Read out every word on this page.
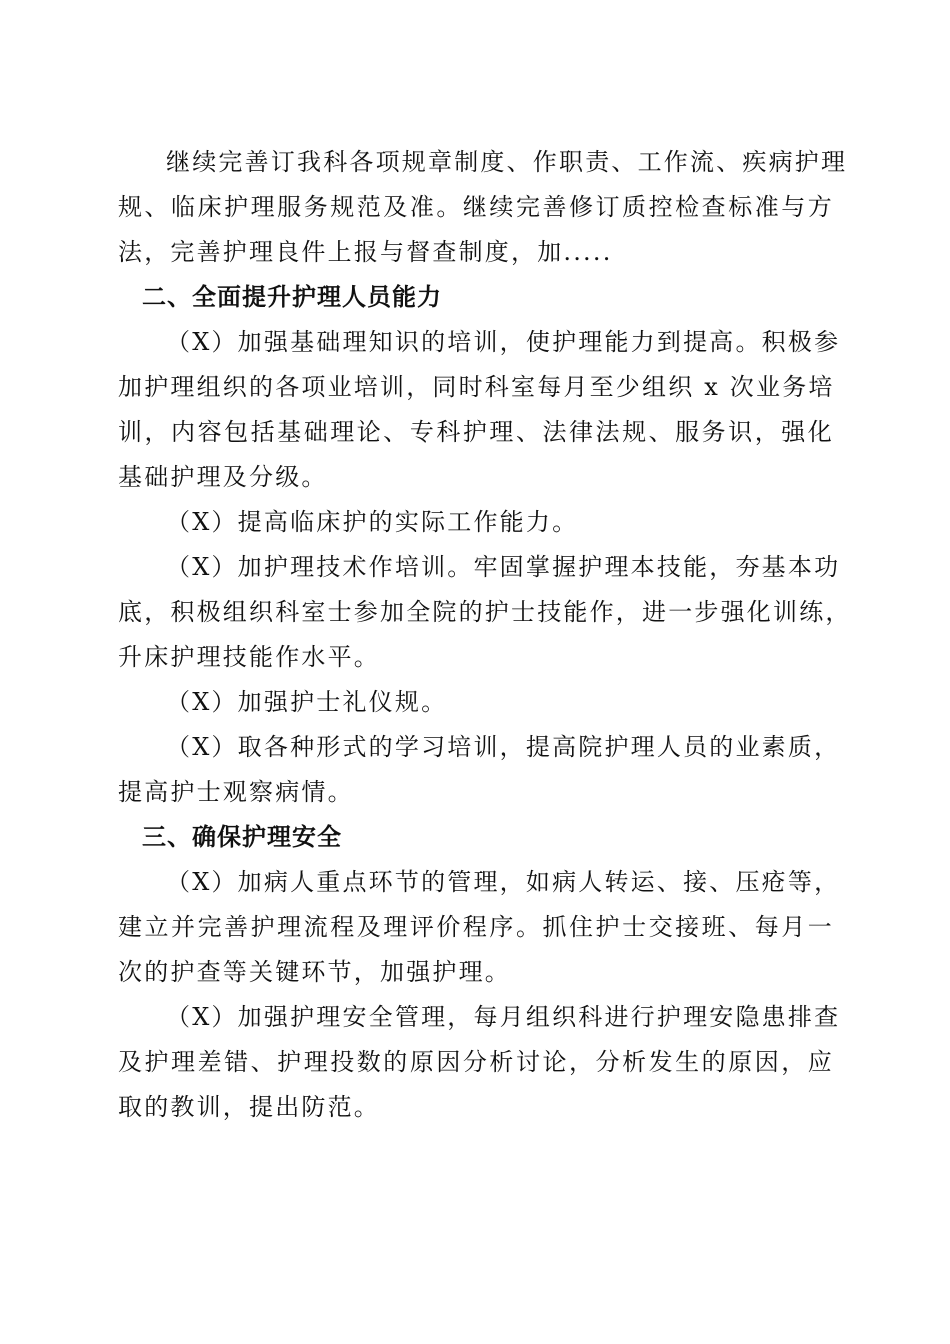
继续完善订我科各项规章制度、作职责、工作流、疾病护理
规、临床护理服务规范及准。继续完善修订质控检查标准与方
法，完善护理良件上报与督查制度，加.....
二、全面提升护理人员能力
（X）加强基础理知识的培训，使护理能力到提高。积极参
加护理组织的各项业培训，同时科室每月至少组织 x 次业务培
训，内容包括基础理论、专科护理、法律法规、服务识，强化
基础护理及分级。
（X）提高临床护的实际工作能力。
（X）加护理技术作培训。牢固掌握护理本技能，夯基本功
底，积极组织科室士参加全院的护士技能作，进一步强化训练，
升床护理技能作水平。
（X）加强护士礼仪规。
（X）取各种形式的学习培训，提高院护理人员的业素质，
提高护士观察病情。
三、确保护理安全
（X）加病人重点环节的管理，如病人转运、接、压疮等，
建立并完善护理流程及理评价程序。抓住护士交接班、每月一
次的护查等关键环节，加强护理。
（X）加强护理安全管理，每月组织科进行护理安隐患排查
及护理差错、护理投数的原因分析讨论，分析发生的原因，应
取的教训，提出防范。
